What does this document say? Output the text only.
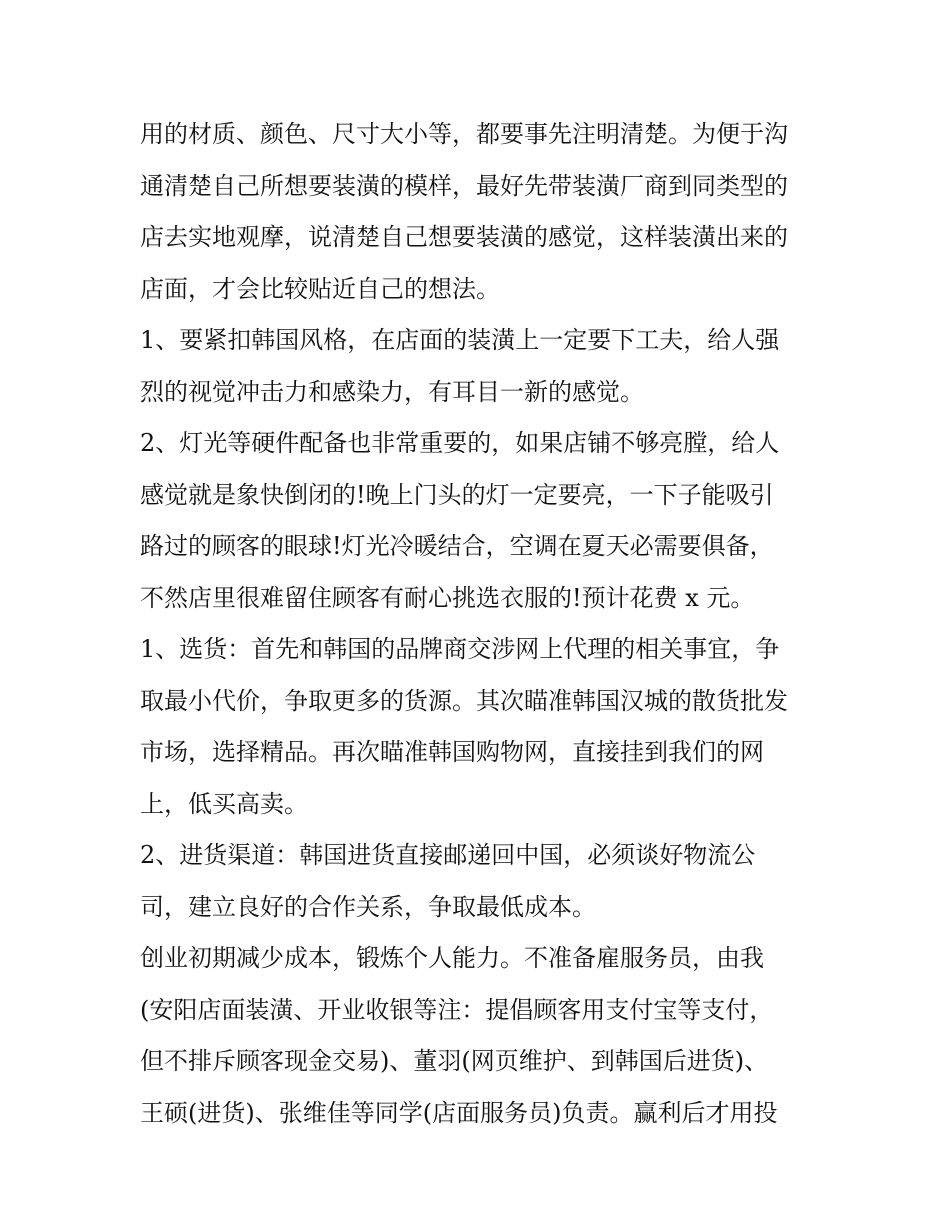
用的材质、颜色、尺寸大小等，都要事先注明清楚。为便于沟
通清楚自己所想要装潢的模样，最好先带装潢厂商到同类型的
店去实地观摩，说清楚自己想要装潢的感觉，这样装潢出来的
店面，才会比较贴近自己的想法。
1、要紧扣韩国风格，在店面的装潢上一定要下工夫，给人强
烈的视觉冲击力和感染力，有耳目一新的感觉。
2、灯光等硬件配备也非常重要的，如果店铺不够亮膛，给人
感觉就是象快倒闭的!晚上门头的灯一定要亮，一下子能吸引
路过的顾客的眼球!灯光冷暖结合，空调在夏天必需要俱备，
不然店里很难留住顾客有耐心挑选衣服的!预计花费 x 元。
1、选货：首先和韩国的品牌商交涉网上代理的相关事宜，争
取最小代价，争取更多的货源。其次瞄准韩国汉城的散货批发
市场，选择精品。再次瞄准韩国购物网，直接挂到我们的网
上，低买高卖。
2、进货渠道：韩国进货直接邮递回中国，必须谈好物流公
司，建立良好的合作关系，争取最低成本。
创业初期减少成本，锻炼个人能力。不准备雇服务员，由我
(安阳店面装潢、开业收银等注：提倡顾客用支付宝等支付，
但不排斥顾客现金交易)、董羽(网页维护、到韩国后进货)、
王硕(进货)、张维佳等同学(店面服务员)负责。赢利后才用投
